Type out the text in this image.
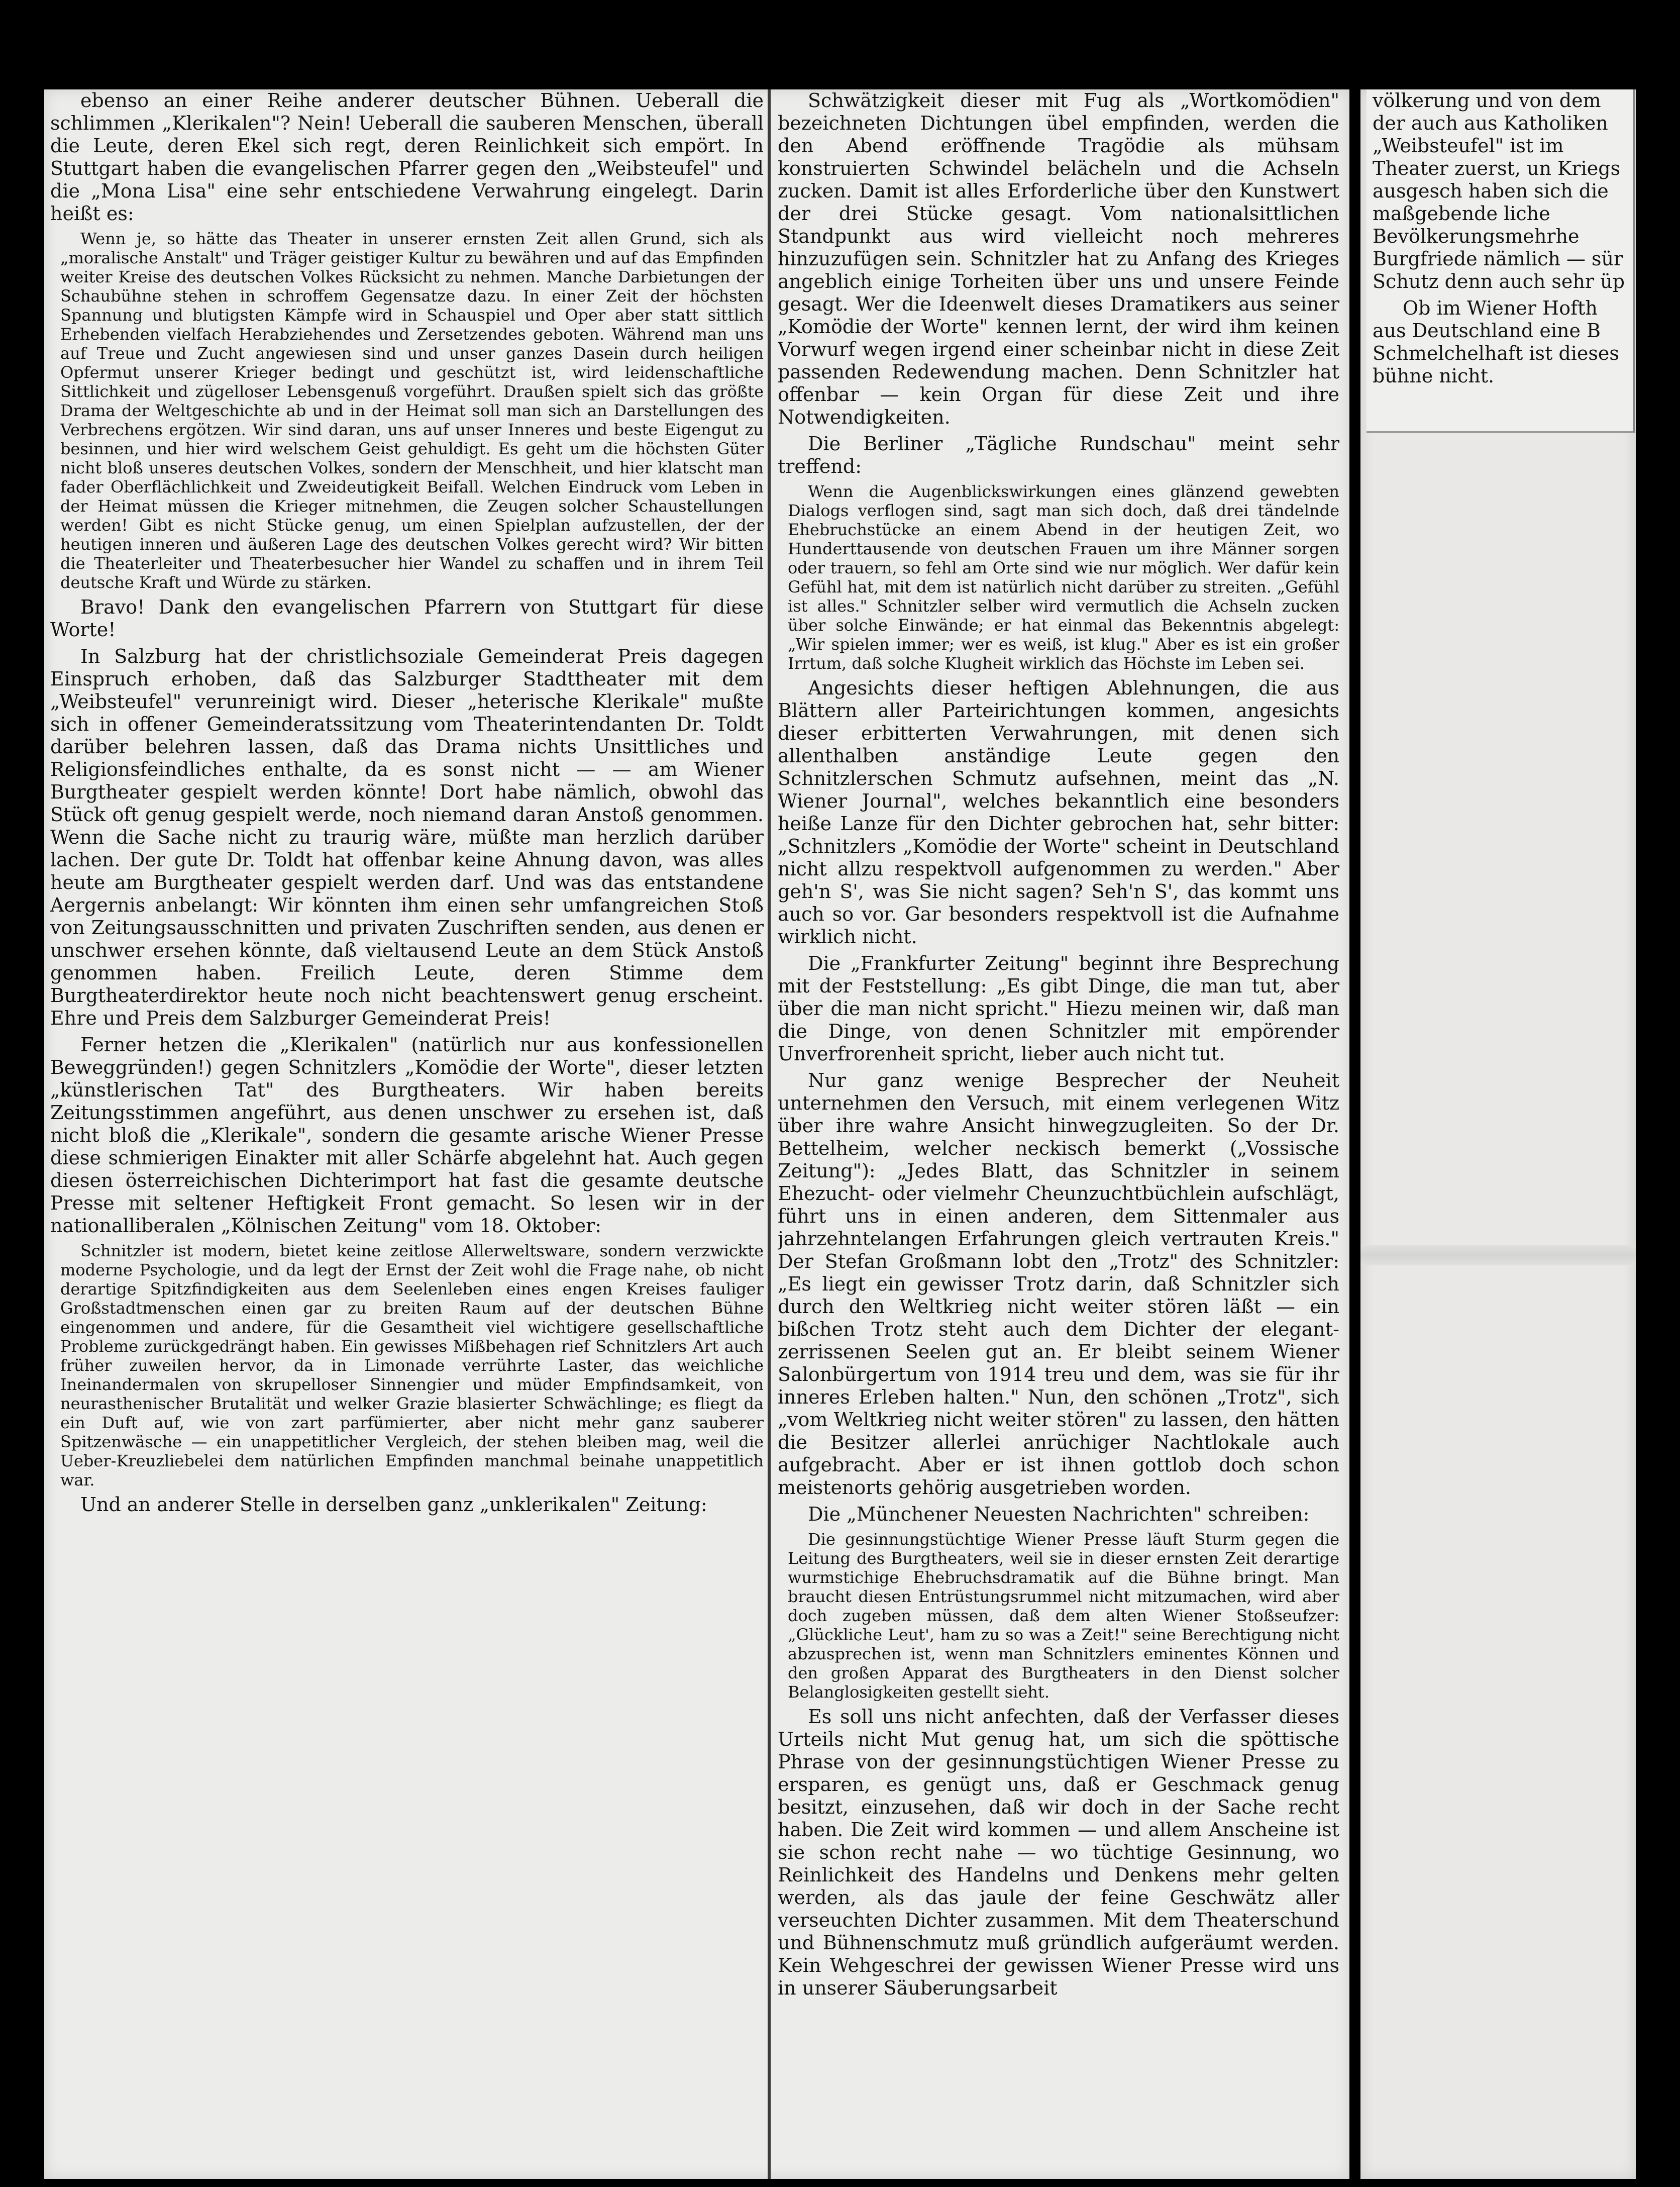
ebenso an einer Reihe anderer deutscher Bühnen. Ueberall die schlimmen „Klerikalen"? Nein! Ueberall die sauberen Menschen, überall die Leute, deren Ekel sich regt, deren Reinlichkeit sich empört. In Stuttgart haben die evangelischen Pfarrer gegen den „Weibsteufel" und die „Mona Lisa" eine sehr entschiedene Verwahrung eingelegt. Darin heißt es:

Wenn je, so hätte das Theater in unserer ernsten Zeit allen Grund, sich als „moralische Anstalt" und Träger geistiger Kultur zu bewähren und auf das Empfinden weiter Kreise des deutschen Volkes Rücksicht zu nehmen. Manche Darbietungen der Schaubühne stehen in schroffem Gegensatze dazu. In einer Zeit der höchsten Spannung und blutigsten Kämpfe wird in Schauspiel und Oper aber statt sittlich Erhebenden vielfach Herabziehendes und Zersetzendes geboten. Während man uns auf Treue und Zucht angewiesen sind und unser ganzes Dasein durch heiligen Opfermut unserer Krieger bedingt und geschützt ist, wird leidenschaftliche Sittlichkeit und zügelloser Lebensgenuß vorgeführt. Draußen spielt sich das größte Drama der Weltgeschichte ab und in der Heimat soll man sich an Darstellungen des Verbrechens ergötzen. Wir sind daran, uns auf unser Inneres und beste Eigengut zu besinnen, und hier wird welschem Geist gehuldigt. Es geht um die höchsten Güter nicht bloß unseres deutschen Volkes, sondern der Menschheit, und hier klatscht man fader Oberflächlichkeit und Zweideutigkeit Beifall. Welchen Eindruck vom Leben in der Heimat müssen die Krieger mitnehmen, die Zeugen solcher Schaustellungen werden! Gibt es nicht Stücke genug, um einen Spielplan aufzustellen, der der heutigen inneren und äußeren Lage des deutschen Volkes gerecht wird? Wir bitten die Theaterleiter und Theaterbesucher hier Wandel zu schaffen und in ihrem Teil deutsche Kraft und Würde zu stärken.

Bravo! Dank den evangelischen Pfarrern von Stuttgart für diese Worte!

In Salzburg hat der christlichsoziale Gemeinderat Preis dagegen Einspruch erhoben, daß das Salzburger Stadttheater mit dem „Weibsteufel" verunreinigt wird. Dieser „heterische Klerikale" mußte sich in offener Gemeinderatssitzung vom Theaterintendanten Dr. Toldt darüber belehren lassen, daß das Drama nichts Unsittliches und Religionsfeindliches enthalte, da es sonst nicht — — am Wiener Burgtheater gespielt werden könnte! Dort habe nämlich, obwohl das Stück oft genug gespielt werde, noch niemand daran Anstoß genommen. Wenn die Sache nicht zu traurig wäre, müßte man herzlich darüber lachen. Der gute Dr. Toldt hat offenbar keine Ahnung davon, was alles heute am Burgtheater gespielt werden darf. Und was das entstandene Aergernis anbelangt: Wir könnten ihm einen sehr umfangreichen Stoß von Zeitungsausschnitten und privaten Zuschriften senden, aus denen er unschwer ersehen könnte, daß vieltausend Leute an dem Stück Anstoß genommen haben. Freilich Leute, deren Stimme dem Burgtheaterdirektor heute noch nicht beachtenswert genug erscheint. Ehre und Preis dem Salzburger Gemeinderat Preis!

Ferner hetzen die „Klerikalen" (natürlich nur aus konfessionellen Beweggründen!) gegen Schnitzlers „Komödie der Worte", dieser letzten „künstlerischen Tat" des Burgtheaters. Wir haben bereits Zeitungsstimmen angeführt, aus denen unschwer zu ersehen ist, daß nicht bloß die „Klerikale", sondern die gesamte arische Wiener Presse diese schmierigen Einakter mit aller Schärfe abgelehnt hat. Auch gegen diesen österreichischen Dichterimport hat fast die gesamte deutsche Presse mit seltener Heftigkeit Front gemacht. So lesen wir in der nationalliberalen „Kölnischen Zeitung" vom 18. Oktober:

Schnitzler ist modern, bietet keine zeitlose Allerweltsware, sondern verzwickte moderne Psychologie, und da legt der Ernst der Zeit wohl die Frage nahe, ob nicht derartige Spitzfindigkeiten aus dem Seelenleben eines engen Kreises fauliger Großstadtmenschen einen gar zu breiten Raum auf der deutschen Bühne eingenommen und andere, für die Gesamtheit viel wichtigere gesellschaftliche Probleme zurückgedrängt haben. Ein gewisses Mißbehagen rief Schnitzlers Art auch früher zuweilen hervor, da in Limonade verrührte Laster, das weichliche Ineinandermalen von skrupelloser Sinnengier und müder Empfindsamkeit, von neurasthenischer Brutalität und welker Grazie blasierter Schwächlinge; es fliegt da ein Duft auf, wie von zart parfümierter, aber nicht mehr ganz sauberer Spitzenwäsche — ein unappetitlicher Vergleich, der stehen bleiben mag, weil die Ueber-Kreuzliebelei dem natürlichen Empfinden manchmal beinahe unappetitlich war.

Und an anderer Stelle in derselben ganz „unklerikalen" Zeitung:

Schwätzigkeit dieser mit Fug als „Wortkomödien" bezeichneten Dichtungen übel empfinden, werden die den Abend eröffnende Tragödie als mühsam konstruierten Schwindel belächeln und die Achseln zucken. Damit ist alles Erforderliche über den Kunstwert der drei Stücke gesagt. Vom nationalsittlichen Standpunkt aus wird vielleicht noch mehreres hinzuzufügen sein. Schnitzler hat zu Anfang des Krieges angeblich einige Torheiten über uns und unsere Feinde gesagt. Wer die Ideenwelt dieses Dramatikers aus seiner „Komödie der Worte" kennen lernt, der wird ihm keinen Vorwurf wegen irgend einer scheinbar nicht in diese Zeit passenden Redewendung machen. Denn Schnitzler hat offenbar — kein Organ für diese Zeit und ihre Notwendigkeiten.

Die Berliner „Tägliche Rundschau" meint sehr treffend:

Wenn die Augenblickswirkungen eines glänzend gewebten Dialogs verflogen sind, sagt man sich doch, daß drei tändelnde Ehebruchstücke an einem Abend in der heutigen Zeit, wo Hunderttausende von deutschen Frauen um ihre Männer sorgen oder trauern, so fehl am Orte sind wie nur möglich. Wer dafür kein Gefühl hat, mit dem ist natürlich nicht darüber zu streiten. „Gefühl ist alles." Schnitzler selber wird vermutlich die Achseln zucken über solche Einwände; er hat einmal das Bekenntnis abgelegt: „Wir spielen immer; wer es weiß, ist klug." Aber es ist ein großer Irrtum, daß solche Klugheit wirklich das Höchste im Leben sei.

Angesichts dieser heftigen Ablehnungen, die aus Blättern aller Parteirichtungen kommen, angesichts dieser erbitterten Verwahrungen, mit denen sich allenthalben anständige Leute gegen den Schnitzlerschen Schmutz aufsehnen, meint das „N. Wiener Journal", welches bekanntlich eine besonders heiße Lanze für den Dichter gebrochen hat, sehr bitter: „Schnitzlers „Komödie der Worte" scheint in Deutschland nicht allzu respektvoll aufgenommen zu werden." Aber geh'n S', was Sie nicht sagen? Seh'n S', das kommt uns auch so vor. Gar besonders respektvoll ist die Aufnahme wirklich nicht.

Die „Frankfurter Zeitung" beginnt ihre Besprechung mit der Feststellung: „Es gibt Dinge, die man tut, aber über die man nicht spricht." Hiezu meinen wir, daß man die Dinge, von denen Schnitzler mit empörender Unverfrorenheit spricht, lieber auch nicht tut.

Nur ganz wenige Besprecher der Neuheit unternehmen den Versuch, mit einem verlegenen Witz über ihre wahre Ansicht hinwegzugleiten. So der Dr. Bettelheim, welcher neckisch bemerkt („Vossische Zeitung"): „Jedes Blatt, das Schnitzler in seinem Ehezucht- oder vielmehr Cheunzuchtbüchlein aufschlägt, führt uns in einen anderen, dem Sittenmaler aus jahrzehntelangen Erfahrungen gleich vertrauten Kreis." Der Stefan Großmann lobt den „Trotz" des Schnitzler: „Es liegt ein gewisser Trotz darin, daß Schnitzler sich durch den Weltkrieg nicht weiter stören läßt — ein bißchen Trotz steht auch dem Dichter der elegant-zerrissenen Seelen gut an. Er bleibt seinem Wiener Salonbürgertum von 1914 treu und dem, was sie für ihr inneres Erleben halten." Nun, den schönen „Trotz", sich „vom Weltkrieg nicht weiter stören" zu lassen, den hätten die Besitzer allerlei anrüchiger Nachtlokale auch aufgebracht. Aber er ist ihnen gottlob doch schon meistenorts gehörig ausgetrieben worden.

Die „Münchener Neuesten Nachrichten" schreiben:

Die gesinnungstüchtige Wiener Presse läuft Sturm gegen die Leitung des Burgtheaters, weil sie in dieser ernsten Zeit derartige wurmstichige Ehebruchsdramatik auf die Bühne bringt. Man braucht diesen Entrüstungsrummel nicht mitzumachen, wird aber doch zugeben müssen, daß dem alten Wiener Stoßseufzer: „Glückliche Leut', ham zu so was a Zeit!" seine Berechtigung nicht abzusprechen ist, wenn man Schnitzlers eminentes Können und den großen Apparat des Burgtheaters in den Dienst solcher Belanglosigkeiten gestellt sieht.

Es soll uns nicht anfechten, daß der Verfasser dieses Urteils nicht Mut genug hat, um sich die spöttische Phrase von der gesinnungstüchtigen Wiener Presse zu ersparen, es genügt uns, daß er Geschmack genug besitzt, einzusehen, daß wir doch in der Sache recht haben. Die Zeit wird kommen — und allem Anscheine ist sie schon recht nahe — wo tüchtige Gesinnung, wo Reinlichkeit des Handelns und Denkens mehr gelten werden, als das jaule der feine Geschwätz aller verseuchten Dichter zusammen. Mit dem Theaterschund und Bühnenschmutz muß gründlich aufgeräumt werden. Kein Wehgeschrei der gewissen Wiener Presse wird uns in unserer Säuberungsarbeit

völkerung und von dem der auch aus Katholiken „Weibsteufel" ist im Theater zuerst, un Kriegs ausgesch haben sich die maßgebende liche Bevölkerungsmehrhe Burgfriede nämlich — sür Schutz denn auch sehr üp

Ob im Wiener Hofth aus Deutschland eine B Schmelchelhaft ist dieses bühne nicht.
